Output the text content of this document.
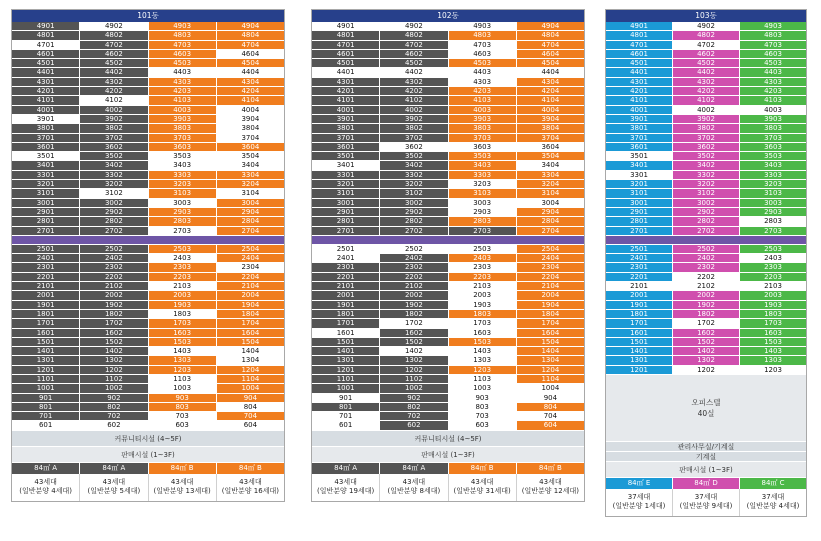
101동
4901	4902	4903	4904
4801	4802	4803	4804
4701	4702	4703	4704
4601	4602	4603	4604
4501	4502	4503	4504
4401	4402	4403	4404
4301	4302	4303	4304
4201	4202	4203	4204
4101	4102	4103	4104
4001	4002	4003	4004
3901	3902	3903	3904
3801	3802	3803	3804
3701	3702	3703	3704
3601	3602	3603	3604
3501	3502	3503	3504
3401	3402	3403	3404
3301	3302	3303	3304
3201	3202	3203	3204
3101	3102	3103	3104
3001	3002	3003	3004
2901	2902	2903	2904
2801	2802	2803	2804
2701	2702	2703	2704
2501	2502	2503	2504
2401	2402	2403	2404
2301	2302	2303	2304
2201	2202	2203	2204
2101	2102	2103	2104
2001	2002	2003	2004
1901	1902	1903	1904
1801	1802	1803	1804
1701	1702	1703	1704
1601	1602	1603	1604
1501	1502	1503	1504
1401	1402	1403	1404
1301	1302	1303	1304
1201	1202	1203	1204
1101	1102	1103	1104
1001	1002	1003	1004
901	902	903	904
801	802	803	804
701	702	703	704
601	602	603	604
커뮤니티시설 (4~5F)
판매시설 (1~3F)
84㎡ A	84㎡ A	84㎡ B	84㎡ B
43세대
(일반분양 4세대)
43세대
(일반분양 5세대)
43세대
(일반분양 13세대)
43세대
(일반분양 16세대)
102동
4901	4902	4903	4904
4801	4802	4803	4804
4701	4702	4703	4704
4601	4602	4603	4604
4501	4502	4503	4504
4401	4402	4403	4404
4301	4302	4303	4304
4201	4202	4203	4204
4101	4102	4103	4104
4001	4002	4003	4004
3901	3902	3903	3904
3801	3802	3803	3804
3701	3702	3703	3704
3601	3602	3603	3604
3501	3502	3503	3504
3401	3402	3403	3404
3301	3302	3303	3304
3201	3202	3203	3204
3101	3102	3103	3104
3001	3002	3003	3004
2901	2902	2903	2904
2801	2802	2803	2804
2701	2702	2703	2704
2501	2502	2503	2504
2401	2402	2403	2404
2301	2302	2303	2304
2201	2202	2203	2204
2101	2102	2103	2104
2001	2002	2003	2004
1901	1902	1903	1904
1801	1802	1803	1804
1701	1702	1703	1704
1601	1602	1603	1604
1501	1502	1503	1504
1401	1402	1403	1404
1301	1302	1303	1304
1201	1202	1203	1204
1101	1102	1103	1104
1001	1002	1003	1004
901	902	903	904
801	802	803	804
701	702	703	704
601	602	603	604
커뮤니티시설 (4~5F)
판매시설 (1~3F)
84㎡ A	84㎡ A	84㎡ B	84㎡ B
43세대
(일반분양 19세대)
43세대
(일반분양 8세대)
43세대
(일반분양 31세대)
43세대
(일반분양 12세대)
103동
4901	4902	4903
4801	4802	4803
4701	4702	4703
4601	4602	4603
4501	4502	4503
4401	4402	4403
4301	4302	4303
4201	4202	4203
4101	4102	4103
4001	4002	4003
3901	3902	3903
3801	3802	3803
3701	3702	3703
3601	3602	3603
3501	3502	3503
3401	3402	3403
3301	3302	3303
3201	3202	3203
3101	3102	3103
3001	3002	3003
2901	2902	2903
2801	2802	2803
2701	2702	2703
2501	2502	2503
2401	2402	2403
2301	2302	2303
2201	2202	2203
2101	2102	2103
2001	2002	2003
1901	1902	1903
1801	1802	1803
1701	1702	1703
1601	1602	1603
1501	1502	1503
1401	1402	1403
1301	1302	1303
1201	1202	1203
오피스텔
40실
관리사무실/기계실
기계실
판매시설 (1~3F)
84㎡ E	84㎡ D	84㎡ C
37세대
(일반분양 1세대)
37세대
(일반분양 9세대)
37세대
(일반분양 4세대)
